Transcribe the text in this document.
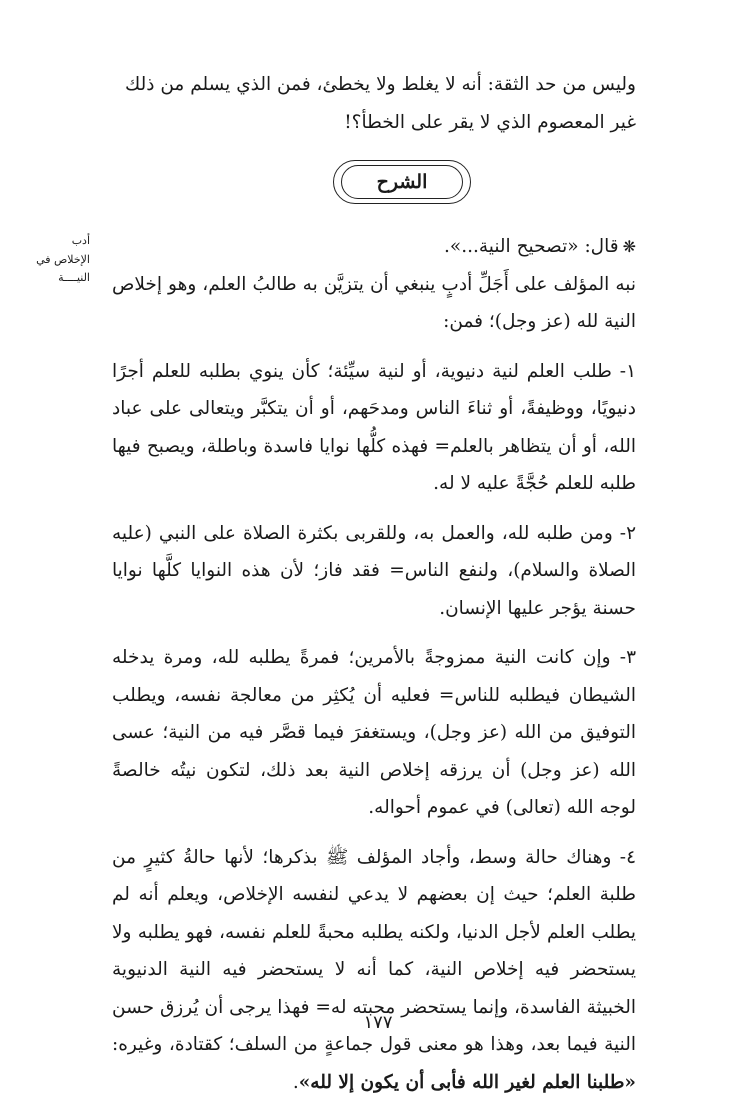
وليس من حد الثقة: أنه لا يغلط ولا يخطئ، فمن الذي يسلم من ذلك
غير المعصوم الذي لا يقر على الخطأ؟!
الشرح
أدب
الإخلاص في
النيــــة

❋قال: «تصحيح النية...».

نبه المؤلف على أَجَلِّ أدبٍ ينبغي أن يتزيَّن به طالبُ العلم، وهو إخلاص النية لله (عز وجل)؛ فمن:

١- طلب العلم لنية دنيوية، أو لنية سيِّئة؛ كأن ينوي بطلبه للعلم أجرًا دنيويًا، ووظيفةً، أو ثناءَ الناس ومدحَهم، أو أن يتكبَّر ويتعالى على عباد الله، أو أن يتظاهر بالعلم= فهذه كلُّها نوايا فاسدة وباطلة، ويصبح فيها طلبه للعلم حُجَّةً عليه لا له.

٢- ومن طلبه لله، والعمل به، وللقربى بكثرة الصلاة على النبي (عليه الصلاة والسلام)، ولنفع الناس= فقد فاز؛ لأن هذه النوايا كلَّها نوايا حسنة يؤجر عليها الإنسان.

٣- وإن كانت النية ممزوجةً بالأمرين؛ فمرةً يطلبه لله، ومرة يدخله الشيطان فيطلبه للناس= فعليه أن يُكثِر من معالجة نفسه، ويطلب التوفيق من الله (عز وجل)، ويستغفرَ فيما قصَّر فيه من النية؛ عسى الله (عز وجل) أن يرزقه إخلاص النية بعد ذلك، لتكون نيتُه خالصةً لوجه الله (تعالى) في عموم أحواله.

٤- وهناك حالة وسط، وأجاد المؤلف ﷺ بذكرها؛ لأنها حالةُ كثيرٍ من طلبة العلم؛ حيث إن بعضهم لا يدعي لنفسه الإخلاص، ويعلم أنه لم يطلب العلم لأجل الدنيا، ولكنه يطلبه محبةً للعلم نفسه، فهو يطلبه ولا يستحضر فيه إخلاص النية، كما أنه لا يستحضر فيه النية الدنيوية الخبيثة الفاسدة، وإنما يستحضر محبته له= فهذا يرجى أن يُرزق حسن النية فيما بعد، وهذا هو معنى قول جماعةٍ من السلف؛ كقتادة، وغيره: «طلبنا العلم لغير الله فأبى أن يكون إلا لله».

١٧٧
